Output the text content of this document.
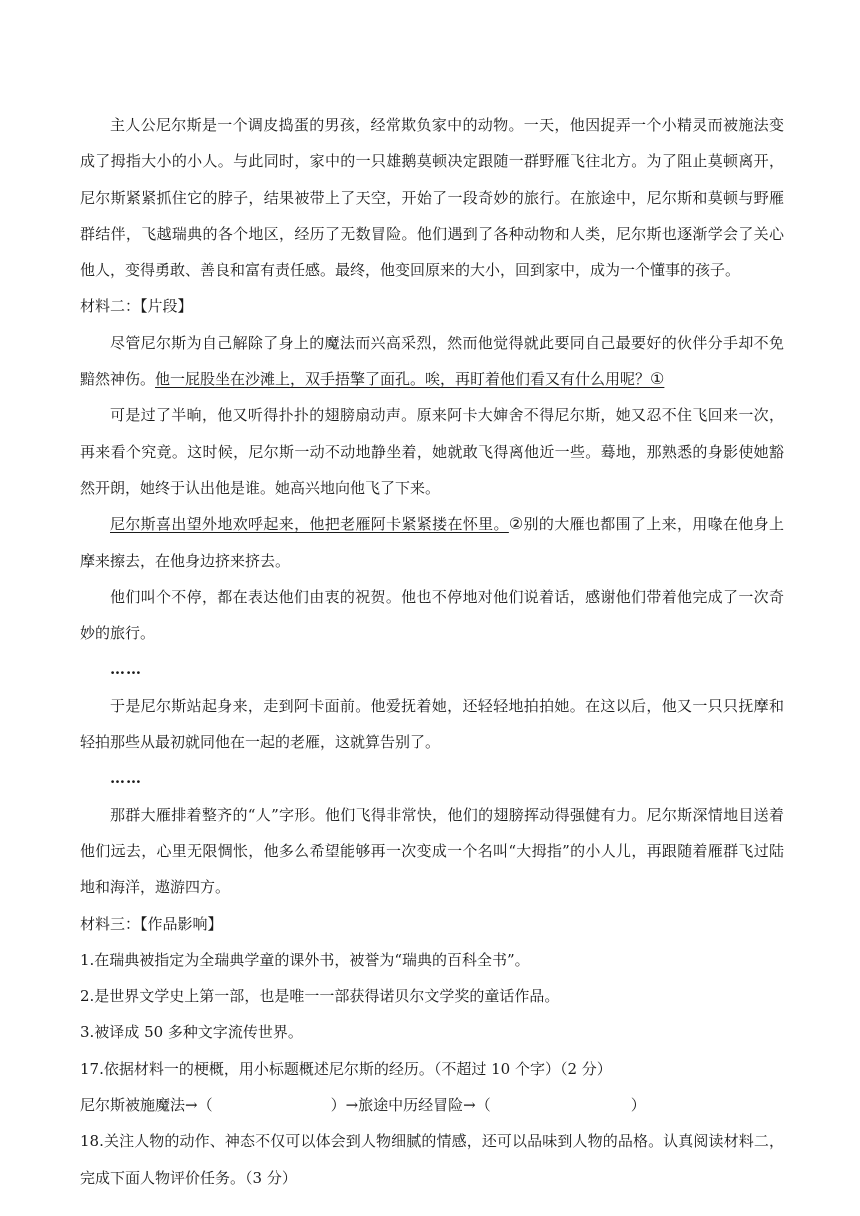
主人公尼尔斯是一个调皮捣蛋的男孩，经常欺负家中的动物。一天，他因捉弄一个小精灵而被施法变成了拇指大小的小人。与此同时，家中的一只雄鹅莫顿决定跟随一群野雁飞往北方。为了阻止莫顿离开，尼尔斯紧紧抓住它的脖子，结果被带上了天空，开始了一段奇妙的旅行。在旅途中，尼尔斯和莫顿与野雁群结伴，飞越瑞典的各个地区，经历了无数冒险。他们遇到了各种动物和人类，尼尔斯也逐渐学会了关心他人，变得勇敢、善良和富有责任感。最终，他变回原来的大小，回到家中，成为一个懂事的孩子。

材料二：【片段】

尽管尼尔斯为自己解除了身上的魔法而兴高采烈，然而他觉得就此要同自己最要好的伙伴分手却不免黯然神伤。他一屁股坐在沙滩上，双手捂擎了面孔。唉，再盯着他们看又有什么用呢？①

可是过了半晌，他又听得扑扑的翅膀扇动声。原来阿卡大婶舍不得尼尔斯，她又忍不住飞回来一次，再来看个究竟。这时候，尼尔斯一动不动地静坐着，她就敢飞得离他近一些。蓦地，那熟悉的身影使她豁然开朗，她终于认出他是谁。她高兴地向他飞了下来。

尼尔斯喜出望外地欢呼起来，他把老雁阿卡紧紧搂在怀里。②别的大雁也都围了上来，用喙在他身上摩来擦去，在他身边挤来挤去。

他们叫个不停，都在表达他们由衷的祝贺。他也不停地对他们说着话，感谢他们带着他完成了一次奇妙的旅行。

……

于是尼尔斯站起身来，走到阿卡面前。他爱抚着她，还轻轻地拍拍她。在这以后，他又一只只抚摩和轻拍那些从最初就同他在一起的老雁，这就算告别了。

……

那群大雁排着整齐的“人”字形。他们飞得非常快，他们的翅膀挥动得强健有力。尼尔斯深情地目送着他们远去，心里无限惆怅，他多么希望能够再一次变成一个名叫“大拇指”的小人儿，再跟随着雁群飞过陆地和海洋，遨游四方。

材料三：【作品影响】

1.在瑞典被指定为全瑞典学童的课外书，被誉为“瑞典的百科全书”。

2.是世界文学史上第一部，也是唯一一部获得诺贝尔文学奖的童话作品。

3.被译成 50 多种文字流传世界。

17.依据材料一的梗概，用小标题概述尼尔斯的经历。（不超过 10 个字）（2 分）

尼尔斯被施魔法→（	）→旅途中历经冒险→（	）

18.关注人物的动作、神态不仅可以体会到人物细腻的情感，还可以品味到人物的品格。认真阅读材料二，完成下面人物评价任务。（3 分）
